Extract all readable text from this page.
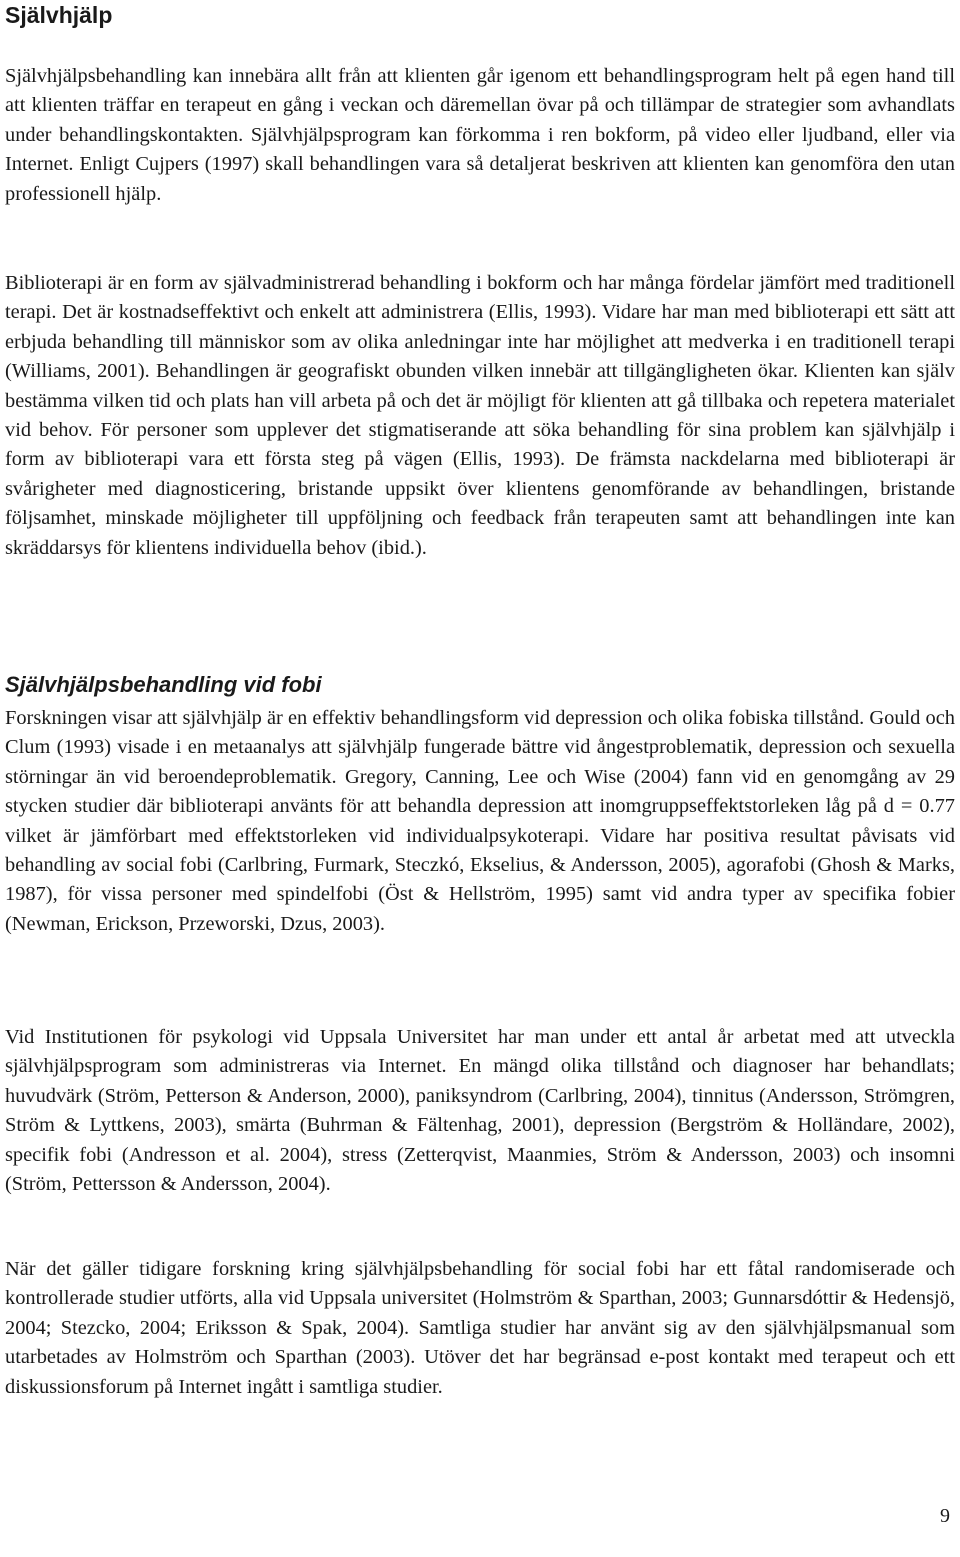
Självhjälp

Självhjälpsbehandling kan innebära allt från att klienten går igenom ett behandlingsprogram helt på egen hand till att klienten träffar en terapeut en gång i veckan och däremellan övar på och tillämpar de strategier som avhandlats under behandlingskontakten. Självhjälpsprogram kan förkomma i ren bokform, på video eller ljudband, eller via Internet. Enligt Cujpers (1997) skall behandlingen vara så detaljerat beskriven att klienten kan genomföra den utan professionell hjälp.

Biblioterapi är en form av självadministrerad behandling i bokform och har många fördelar jämfört med traditionell terapi. Det är kostnadseffektivt och enkelt att administrera (Ellis, 1993). Vidare har man med biblioterapi ett sätt att erbjuda behandling till människor som av olika anledningar inte har möjlighet att medverka i en traditionell terapi (Williams, 2001). Behandlingen är geografiskt obunden vilken innebär att tillgängligheten ökar. Klienten kan själv bestämma vilken tid och plats han vill arbeta på och det är möjligt för klienten att gå tillbaka och repetera materialet vid behov. För personer som upplever det stigmatiserande att söka behandling för sina problem kan självhjälp i form av biblioterapi vara ett första steg på vägen (Ellis, 1993). De främsta nackdelarna med biblioterapi är svårigheter med diagnosticering, bristande uppsikt över klientens genomförande av behandlingen, bristande följsamhet, minskade möjligheter till uppföljning och feedback från terapeuten samt att behandlingen inte kan skräddarsys för klientens individuella behov (ibid.).

Självhjälpsbehandling vid fobi

Forskningen visar att självhjälp är en effektiv behandlingsform vid depression och olika fobiska tillstånd. Gould och Clum (1993) visade i en metaanalys att självhjälp fungerade bättre vid ångestproblematik, depression och sexuella störningar än vid beroendeproblematik. Gregory, Canning, Lee och Wise (2004) fann vid en genomgång av 29 stycken studier där biblioterapi använts för att behandla depression att inomgruppseffektstorleken låg på d = 0.77 vilket är jämförbart med effektstorleken vid individualpsykoterapi. Vidare har positiva resultat påvisats vid behandling av social fobi (Carlbring, Furmark, Steczkó, Ekselius, & Andersson, 2005), agorafobi (Ghosh & Marks, 1987), för vissa personer med spindelfobi (Öst & Hellström, 1995) samt vid andra typer av specifika fobier (Newman, Erickson, Przeworski, Dzus, 2003).

Vid Institutionen för psykologi vid Uppsala Universitet har man under ett antal år arbetat med att utveckla självhjälpsprogram som administreras via Internet. En mängd olika tillstånd och diagnoser har behandlats; huvudvärk (Ström, Petterson & Anderson, 2000), paniksyndrom (Carlbring, 2004), tinnitus (Andersson, Strömgren, Ström & Lyttkens, 2003), smärta (Buhrman & Fältenhag, 2001), depression (Bergström & Holländare, 2002), specifik fobi (Andresson et al. 2004), stress (Zetterqvist, Maanmies, Ström & Andersson, 2003) och insomni (Ström, Pettersson & Andersson, 2004).

När det gäller tidigare forskning kring självhjälpsbehandling för social fobi har ett fåtal randomiserade och kontrollerade studier utförts, alla vid Uppsala universitet (Holmström & Sparthan, 2003; Gunnarsdóttir & Hedensjö, 2004; Stezcko, 2004; Eriksson & Spak, 2004). Samtliga studier har använt sig av den självhjälpsmanual som utarbetades av Holmström och Sparthan (2003). Utöver det har begränsad e-post kontakt med terapeut och ett diskussionsforum på Internet ingått i samtliga studier.

9
